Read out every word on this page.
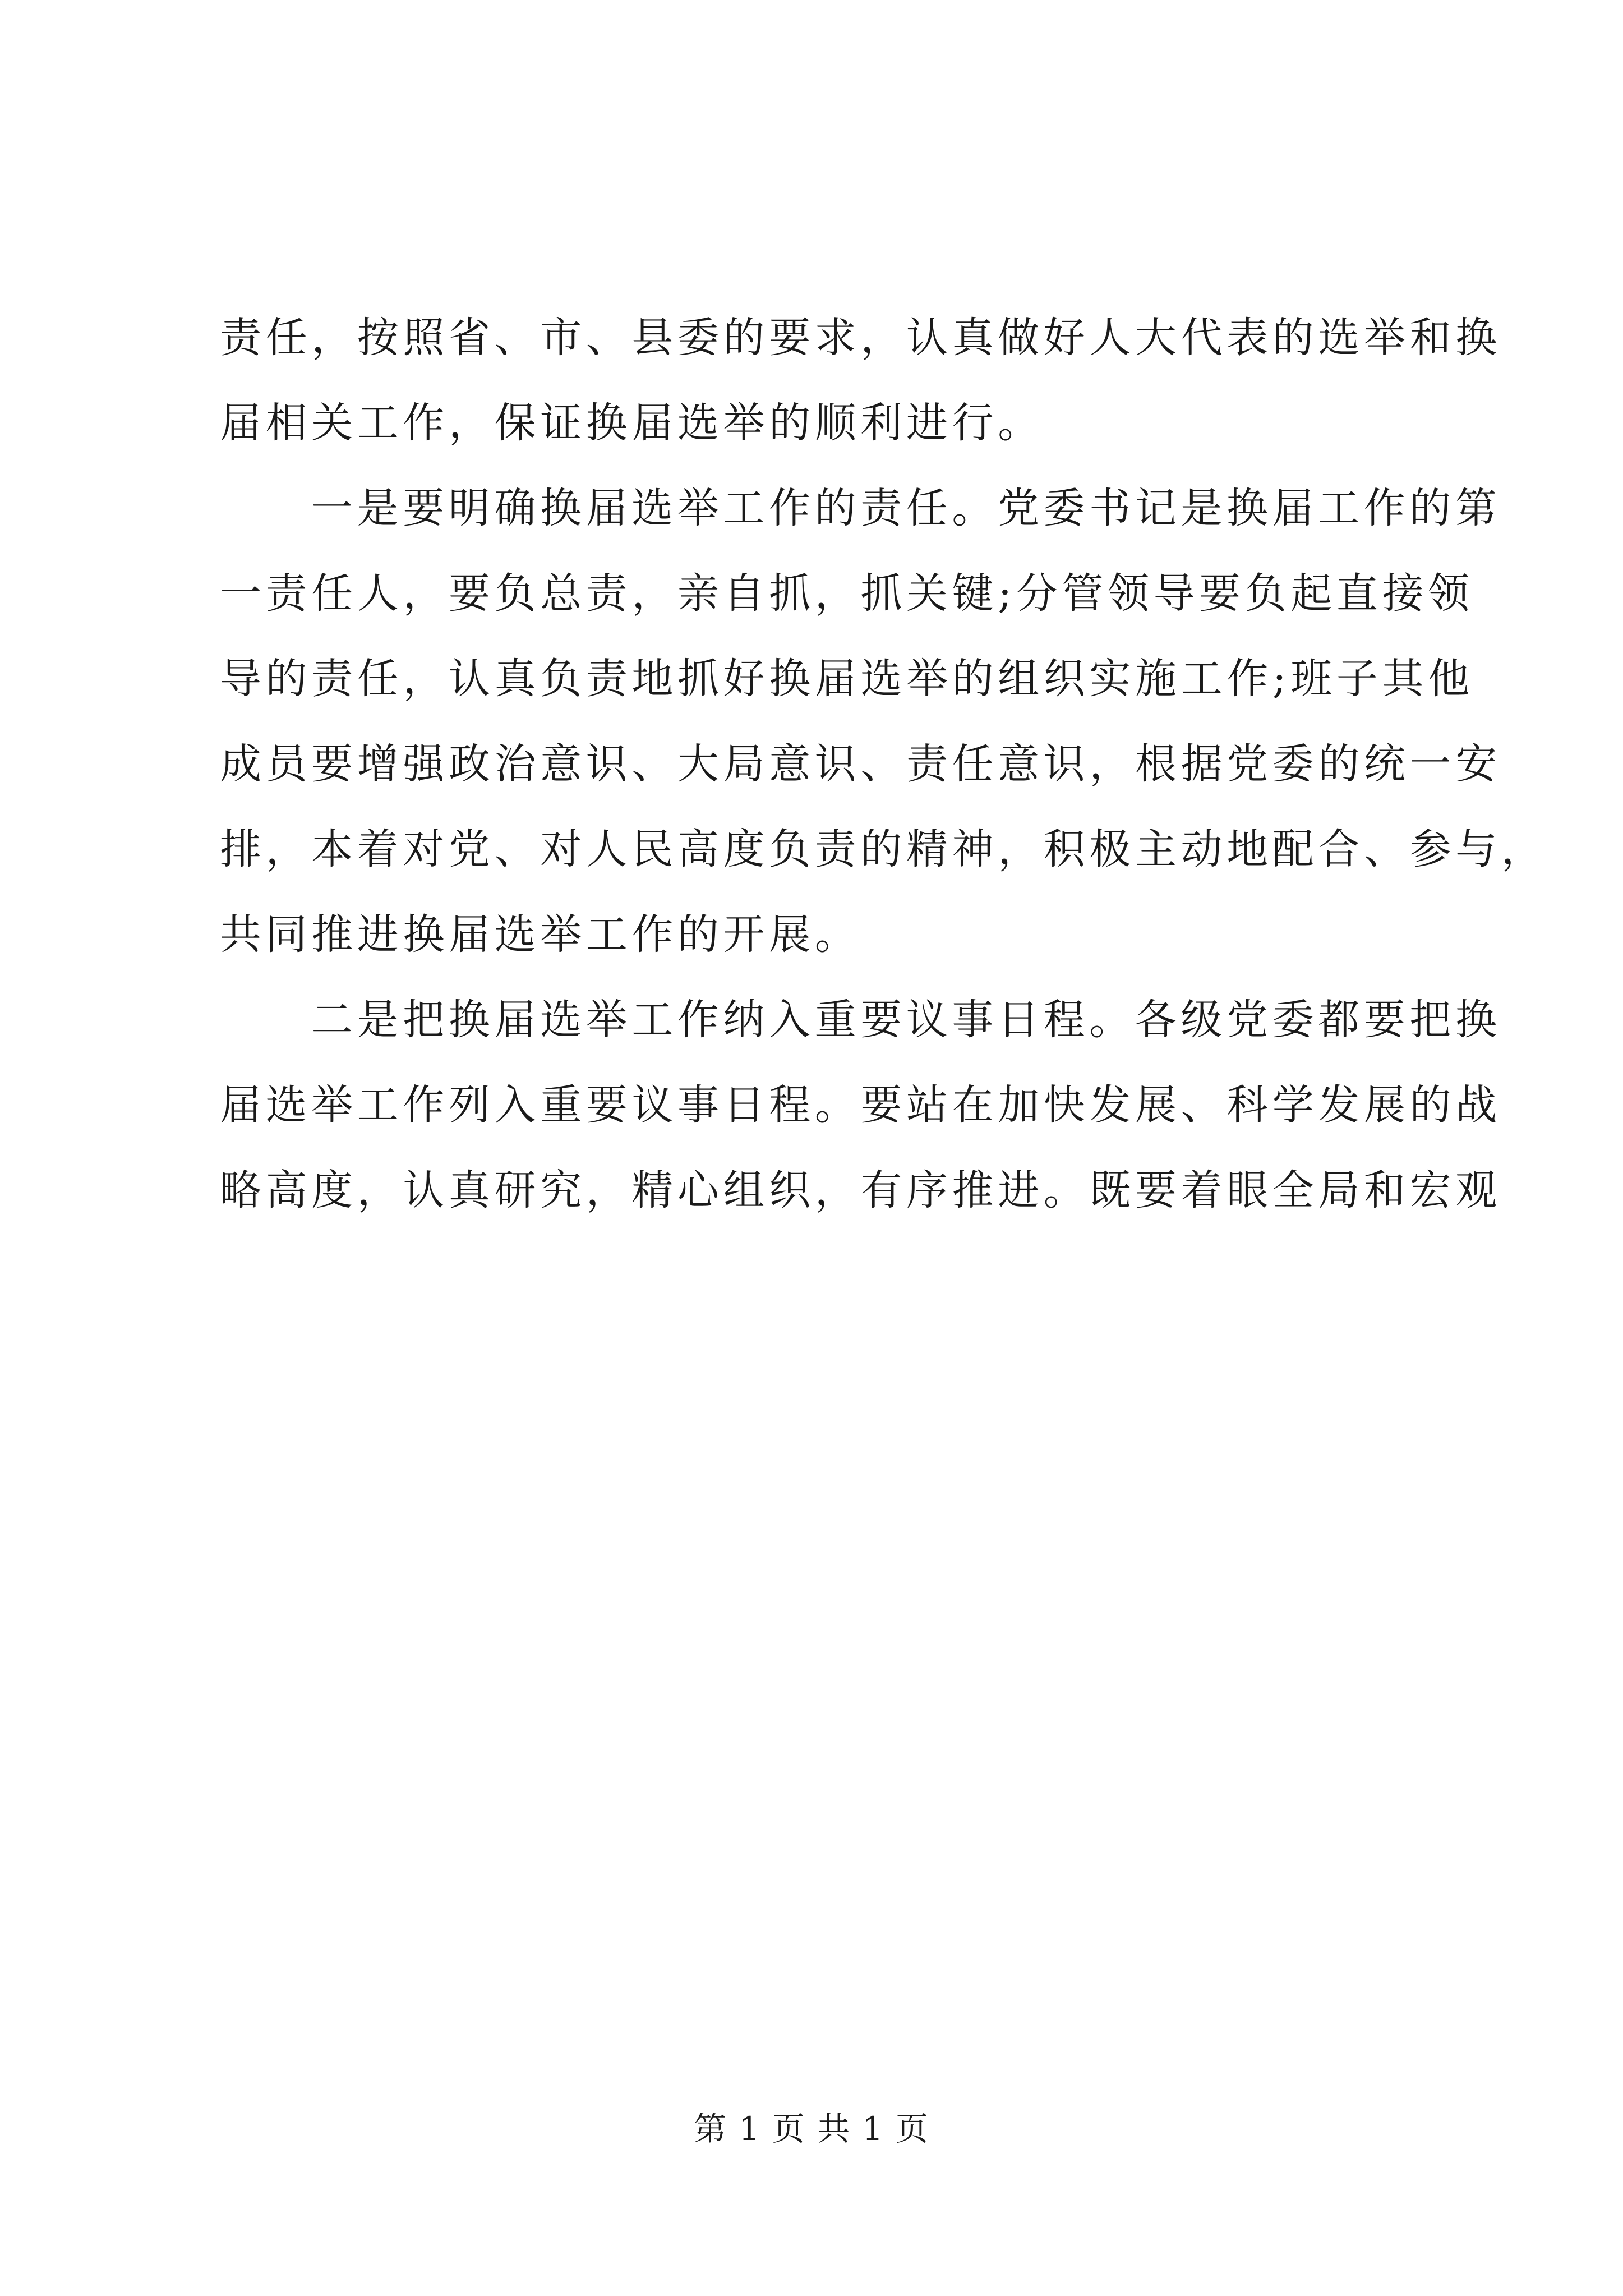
责任，按照省、市、县委的要求，认真做好人大代表的选举和换
届相关工作，保证换届选举的顺利进行。
一是要明确换届选举工作的责任。党委书记是换届工作的第
一责任人，要负总责，亲自抓，抓关键;分管领导要负起直接领
导的责任，认真负责地抓好换届选举的组织实施工作;班子其他
成员要增强政治意识、大局意识、责任意识，根据党委的统一安
排，本着对党、对人民高度负责的精神，积极主动地配合、参与，
共同推进换届选举工作的开展。
二是把换届选举工作纳入重要议事日程。各级党委都要把换
届选举工作列入重要议事日程。要站在加快发展、科学发展的战
略高度，认真研究，精心组织，有序推进。既要着眼全局和宏观
第 1 页 共 1 页
